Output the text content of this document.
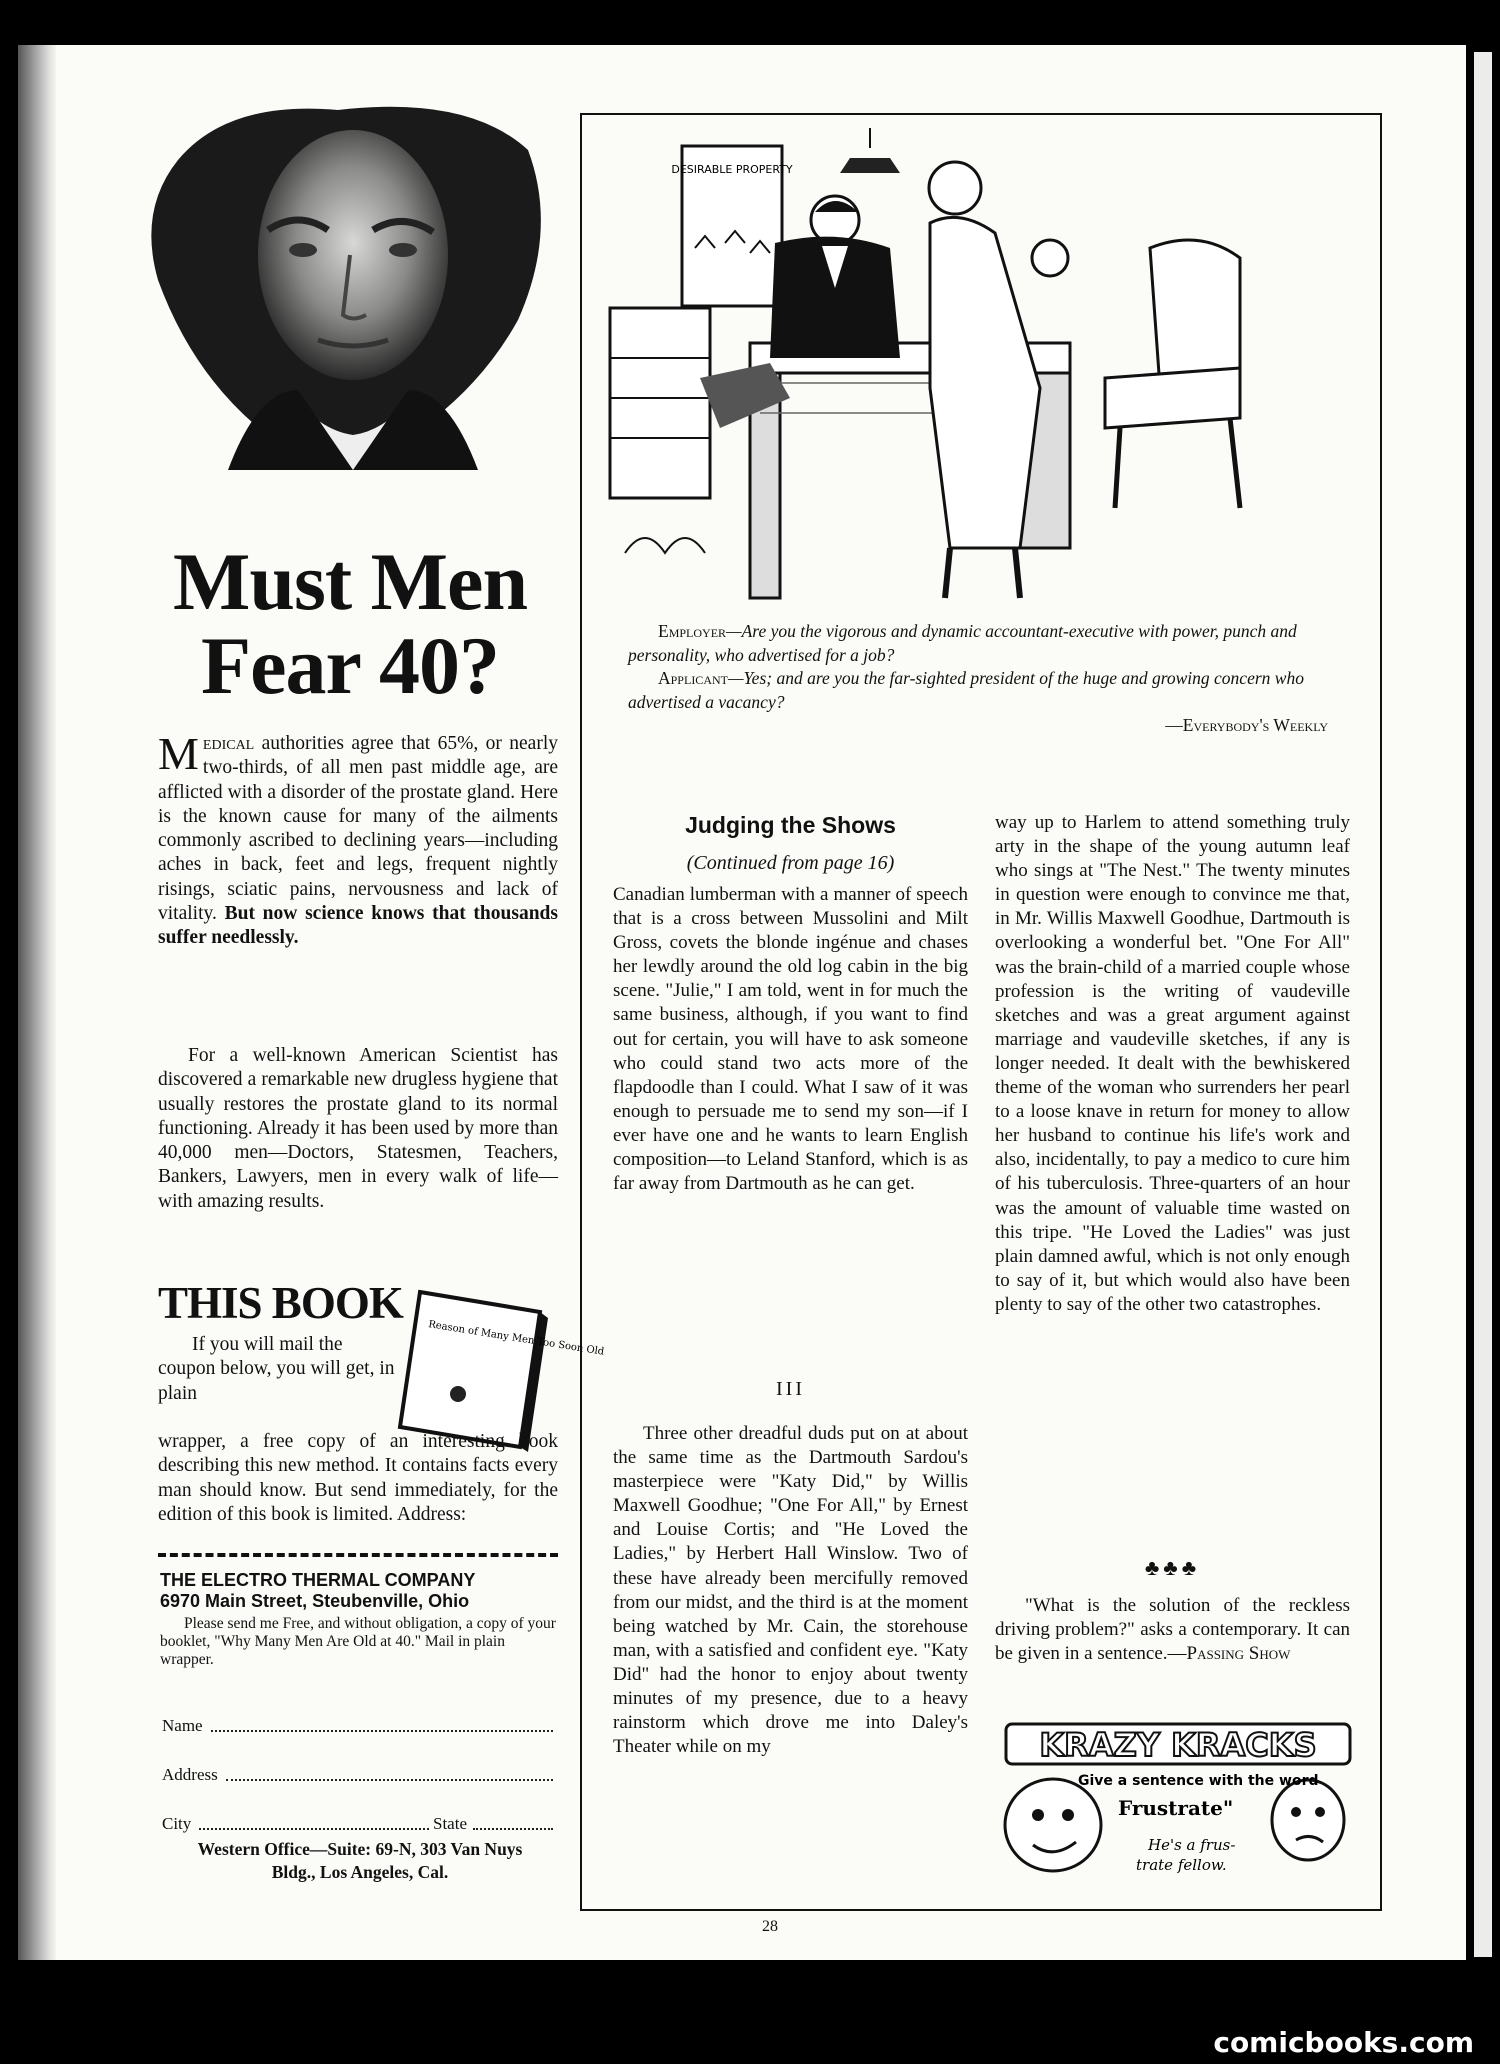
Must Men
Fear 40?
Medical authorities agree that 65%, or nearly two-thirds, of all men past middle age, are afflicted with a disorder of the prostate gland. Here is the known cause for many of the ailments commonly ascribed to declining years—including aches in back, feet and legs, frequent nightly risings, sciatic pains, nervousness and lack of vitality. But now science knows that thousands suffer needlessly.
For a well-known American Scientist has discovered a remarkable new drugless hygiene that usually restores the prostate gland to its normal functioning. Already it has been used by more than 40,000 men—Doctors, Statesmen, Teachers, Bankers, Lawyers, men in every walk of life—with amazing results.
THIS BOOK
Reason of Many Men Too Soon Old
If you will mail the coupon below, you will get, in plain
wrapper, a free copy of an interesting book describing this new method. It contains facts every man should know. But send immediately, for the edition of this book is limited. Address:
THE ELECTRO THERMAL COMPANY
6970 Main Street, Steubenville, Ohio
Please send me Free, and without obligation, a copy of your booklet, "Why Many Men Are Old at 40." Mail in plain wrapper.
Name
Address
City	State
Western Office—Suite: 69-N, 303 Van Nuys
Bldg., Los Angeles, Cal.
DESIRABLE PROPERTY
Employer—Are you the vigorous and dynamic accountant-executive with power, punch and personality, who advertised for a job?
Applicant—Yes; and are you the far-sighted president of the huge and growing concern who advertised a vacancy?
—Everybody's Weekly
Judging the Shows
(Continued from page 16)
Canadian lumberman with a manner of speech that is a cross between Mussolini and Milt Gross, covets the blonde ingénue and chases her lewdly around the old log cabin in the big scene. "Julie," I am told, went in for much the same business, although, if you want to find out for certain, you will have to ask someone who could stand two acts more of the flapdoodle than I could. What I saw of it was enough to persuade me to send my son—if I ever have one and he wants to learn English composition—to Leland Stanford, which is as far away from Dartmouth as he can get.
III
Three other dreadful duds put on at about the same time as the Dartmouth Sardou's masterpiece were "Katy Did," by Willis Maxwell Goodhue; "One For All," by Ernest and Louise Cortis; and "He Loved the Ladies," by Herbert Hall Winslow. Two of these have already been mercifully removed from our midst, and the third is at the moment being watched by Mr. Cain, the storehouse man, with a satisfied and confident eye. "Katy Did" had the honor to enjoy about twenty minutes of my presence, due to a heavy rainstorm which drove me into Daley's Theater while on my
way up to Harlem to attend something truly arty in the shape of the young autumn leaf who sings at "The Nest." The twenty minutes in question were enough to convince me that, in Mr. Willis Maxwell Goodhue, Dartmouth is overlooking a wonderful bet. "One For All" was the brain-child of a married couple whose profession is the writing of vaudeville sketches and was a great argument against marriage and vaudeville sketches, if any is longer needed. It dealt with the bewhiskered theme of the woman who surrenders her pearl to a loose knave in return for money to allow her husband to continue his life's work and also, incidentally, to pay a medico to cure him of his tuberculosis. Three-quarters of an hour was the amount of valuable time wasted on this tripe. "He Loved the Ladies" was just plain damned awful, which is not only enough to say of it, but which would also have been plenty to say of the other two catastrophes.
♣♣♣
"What is the solution of the reckless driving problem?" asks a contemporary. It can be given in a sentence.—Passing Show
KRAZY KRACKS
Give a sentence with the word
Frustrate"
He's a frus-
trate fellow.
28
comicbooks.com
